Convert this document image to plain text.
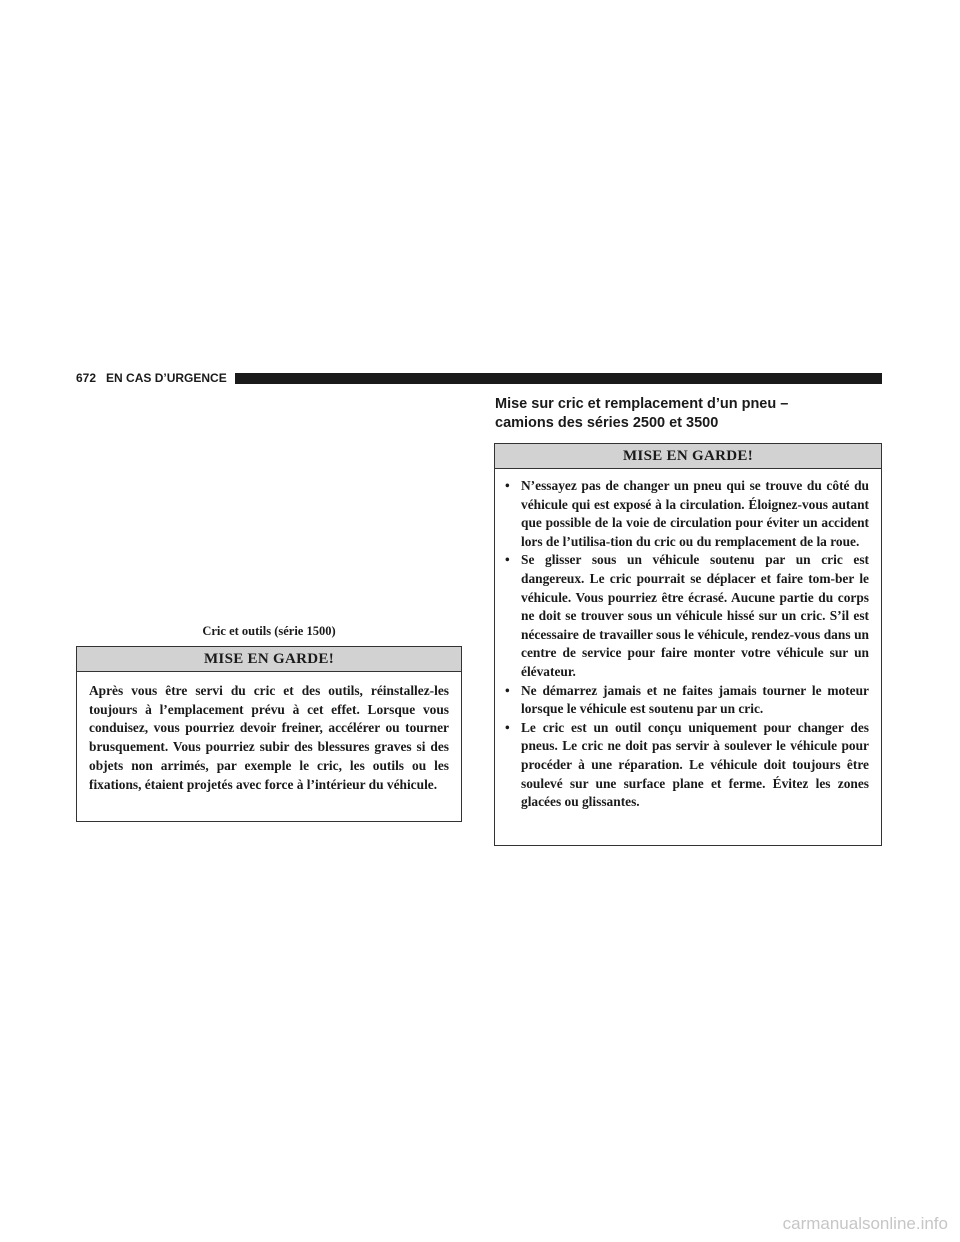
672 EN CAS D’URGENCE
Cric et outils (série 1500)
MISE EN GARDE!
Après vous être servi du cric et des outils, réinstallez-les toujours à l’emplacement prévu à cet effet. Lorsque vous conduisez, vous pourriez devoir freiner, accélérer ou tourner brusquement. Vous pourriez subir des blessures graves si des objets non arrimés, par exemple le cric, les outils ou les fixations, étaient projetés avec force à l’intérieur du véhicule.
Mise sur cric et remplacement d’un pneu –
camions des séries 2500 et 3500
MISE EN GARDE!
• N’essayez pas de changer un pneu qui se trouve du côté du véhicule qui est exposé à la circulation. Éloignez-vous autant que possible de la voie de circulation pour éviter un accident lors de l’utilisa-tion du cric ou du remplacement de la roue.
• Se glisser sous un véhicule soutenu par un cric est dangereux. Le cric pourrait se déplacer et faire tom-ber le véhicule. Vous pourriez être écrasé. Aucune partie du corps ne doit se trouver sous un véhicule hissé sur un cric. S’il est nécessaire de travailler sous le véhicule, rendez-vous dans un centre de service pour faire monter votre véhicule sur un élévateur.
• Ne démarrez jamais et ne faites jamais tourner le moteur lorsque le véhicule est soutenu par un cric.
• Le cric est un outil conçu uniquement pour changer des pneus. Le cric ne doit pas servir à soulever le véhicule pour procéder à une réparation. Le véhicule doit toujours être soulevé sur une surface plane et ferme. Évitez les zones glacées ou glissantes.
carmanualsonline.info
